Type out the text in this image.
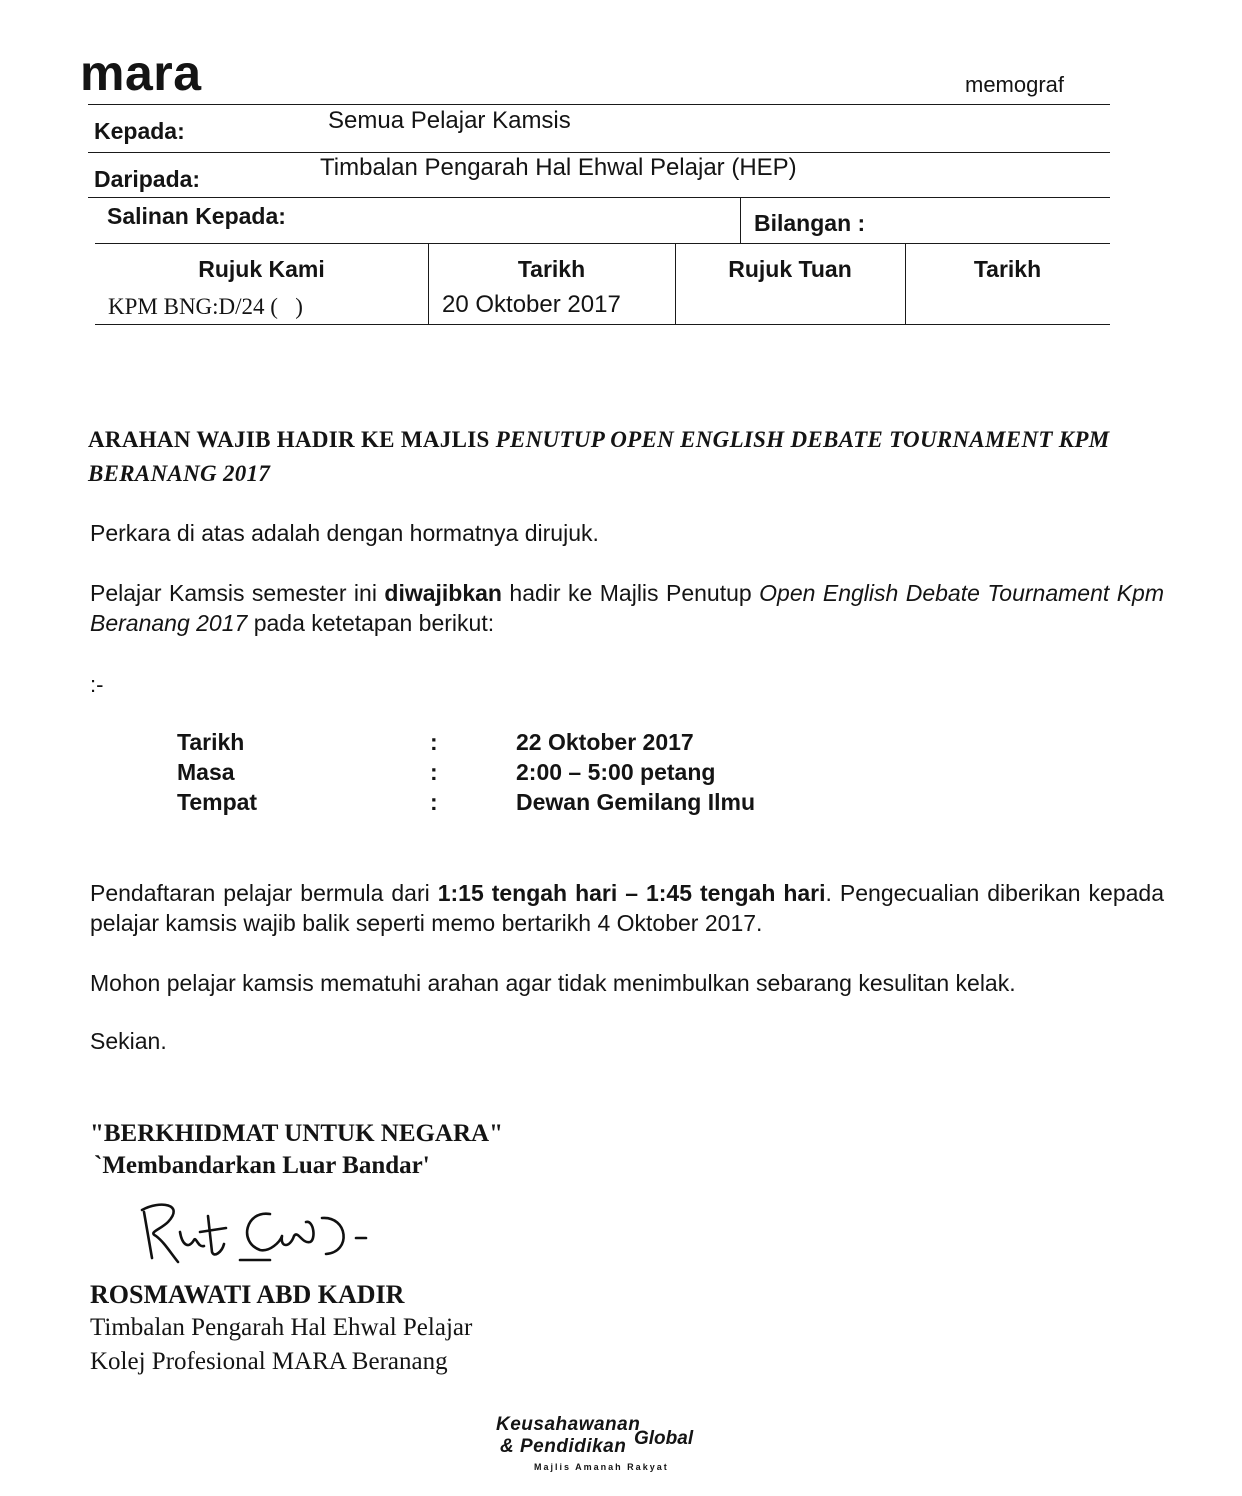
mara	memograf
Kepada:	Semua Pelajar Kamsis
Daripada:	Timbalan Pengarah Hal Ehwal Pelajar (HEP)
Salinan Kepada:	Bilangan :
Rujuk Kami	Tarikh	Rujuk Tuan	Tarikh
KPM BNG:D/24 (   )	20 Oktober 2017
ARAHAN WAJIB HADIR KE MAJLIS PENUTUP OPEN ENGLISH DEBATE TOURNAMENT KPM BERANANG 2017
Perkara di atas adalah dengan hormatnya dirujuk.
Pelajar Kamsis semester ini diwajibkan hadir ke Majlis Penutup Open English Debate Tournament Kpm Beranang 2017 pada ketetapan berikut:
:-
Tarikh	:	22 Oktober 2017
Masa	:	2:00 – 5:00 petang
Tempat	:	Dewan Gemilang Ilmu
Pendaftaran pelajar bermula dari 1:15 tengah hari – 1:45 tengah hari. Pengecualian diberikan kepada pelajar kamsis wajib balik seperti memo bertarikh 4 Oktober 2017.
Mohon pelajar kamsis mematuhi arahan agar tidak menimbulkan sebarang kesulitan kelak.
Sekian.
"BERKHIDMAT UNTUK NEGARA"
`Membandarkan Luar Bandar'
ROSMAWATI ABD KADIR
Timbalan Pengarah Hal Ehwal Pelajar
Kolej Profesional MARA Beranang
Keusahawanan
& Pendidikan Global
Majlis Amanah Rakyat
